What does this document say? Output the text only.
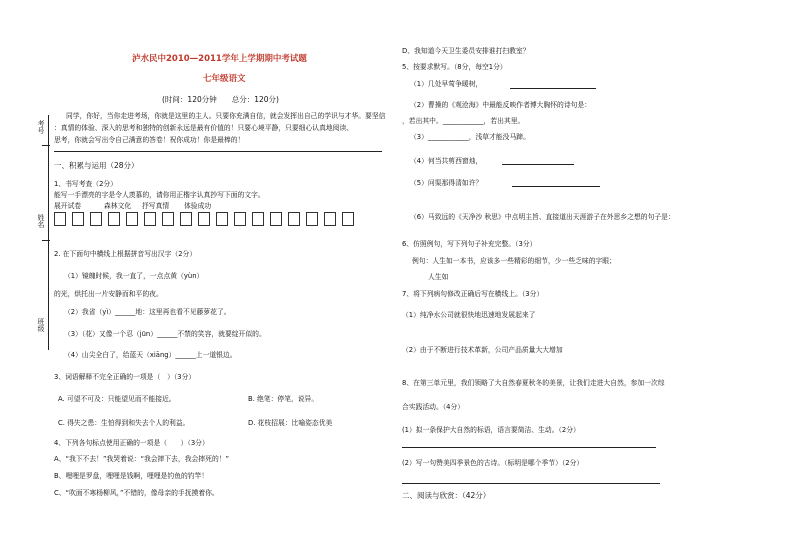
考号
姓名
班级
泸水民中2010—2011学年上学期期中考试题
七年级语文
(时间：120分钟　　总分：120分)
同学，你好，当你走进考场，你就是这里的主人。只要你充满自信，就会发挥出自己的学识与才华。要坚信
：真情的体验、深入的思考和独特的创新永远是最有价值的！只要心境平静，只要细心认真地阅读、
思考，你就会写出令自己满意的答卷！祝你成功！你是最棒的！
一、积累与运用（28分）
1、书写考查（2分）
能写一手漂亮的字是令人羡慕的，请你用正楷字认真抄写下面的文字。
展开试卷	森林文化 抒写真情 体验成功
2. 在下面句中横线上根据拼音写出汉字（2分）
（1）镜魄时候，我一直了，一点点黄（yùn）
的光，烘托出一片安静而和平的夜。
（2）我省（yì）______地：这里再也看不见藤萝花了。
（3）（花）又像一个忍（jūn）______不禁的笑容，就要绽开似的。
（4）山尖全白了，给蓝天（xiāng）______上一道银边。
3、词语解释不完全正确的一项是（　）（3分）
A. 可望不可及：只能望见而不能接近。	B. 绝笔：停笔，说异。
C. 得失之患：生怕得到和失去个人的利益。	D. 花枝招展：比喻姿态优美
4、下列各句标点使用正确的一项是（　　）（3分）
A、“我下不去！”我哭着说：“我会摔下去，我会摔死的！”
B、哩哩是罗盘，哩哩是钱啊，哩哩是钓鱼的钓竿！
C、“吹面不寒杨柳风，”不错的，像母亲的手抚摸着你。
D、我知道今天卫生委员安排谁打扫教室？
5、按要求默写。（8分，每空1分）
（1）几处早莺争暖树，
（2）曹操的《观沧海》中最能反映作者博大胸怀的诗句是：
，若出其中。____________，若出其里。
（3）____________，浅草才能没马蹄。
（4）何当共剪西窗烛，
（5）问渠那得清如许？
（6）马致远的《天净沙 秋思》中点明主旨、直接道出天涯游子在外思乡之想的句子是：
6、仿照例句，写下列句子补充完整。（3分）
例句：人生如一本书，应该多一些精彩的细节，少一些乏味的字眼；
人生如
7、将下列病句修改正确后写在横线上。（3分）
（1）纯净水公司就很快地迅速地发展起来了
（2）由于不断进行技术革新，公司产品质量大大增加
8、在第三单元里，我们领略了大自然春夏秋冬的美景，让我们走进大自然，参加一次综
合实践活动。（4分）
(1）拟一条保护大自然的标语，语言要简洁、生动。（2分）
(2）写一句赞美四季景色的古诗。（标明是哪个季节）（2分）
二、阅读与欣赏：（42分）
